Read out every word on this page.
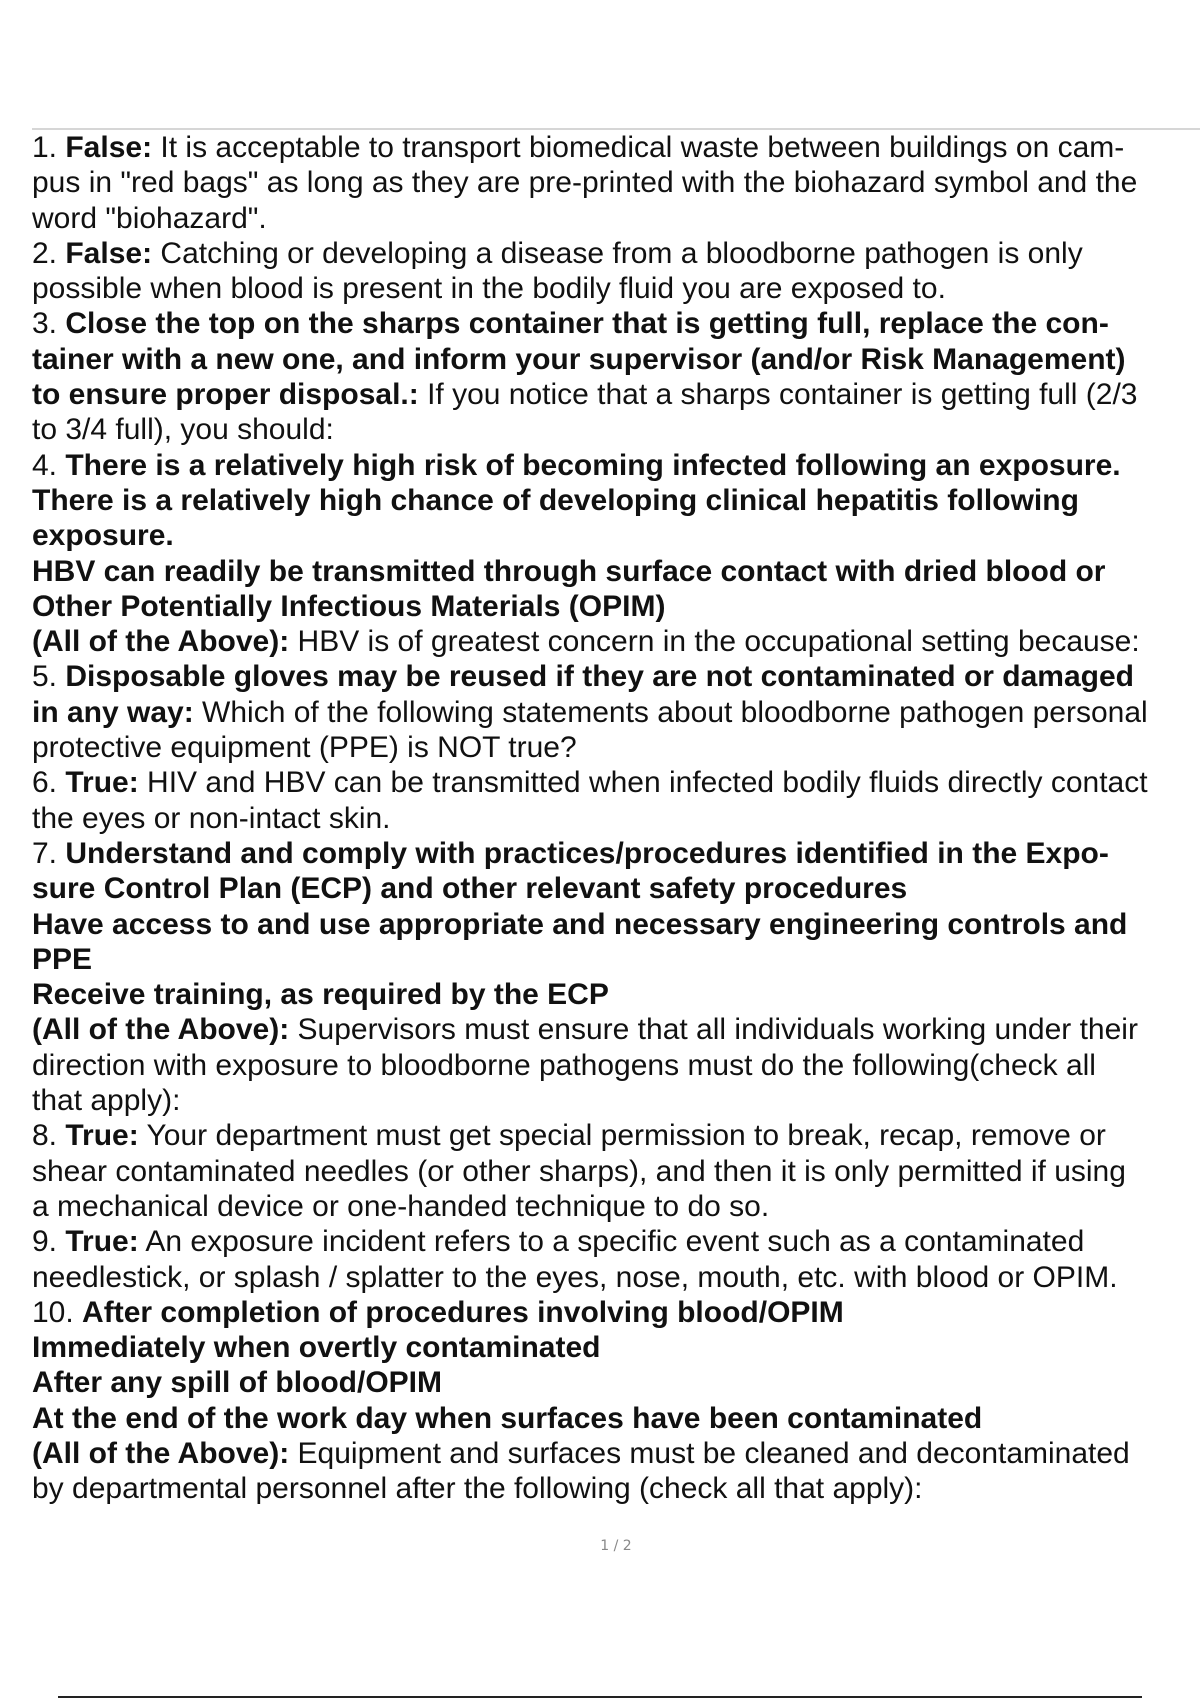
1. False: It is acceptable to transport biomedical waste between buildings on cam-

pus in "red bags" as long as they are pre-printed with the biohazard symbol and the

word "biohazard".

2. False: Catching or developing a disease from a bloodborne pathogen is only

possible when blood is present in the bodily fluid you are exposed to.

3. Close the top on the sharps container that is getting full, replace the con-

tainer with a new one, and inform your supervisor (and/or Risk Management)

to ensure proper disposal.: If you notice that a sharps container is getting full (2/3

to 3/4 full), you should:

4. There is a relatively high risk of becoming infected following an exposure.

There is a relatively high chance of developing clinical hepatitis following

exposure.

HBV can readily be transmitted through surface contact with dried blood or

Other Potentially Infectious Materials (OPIM)

(All of the Above): HBV is of greatest concern in the occupational setting because:

5. Disposable gloves may be reused if they are not contaminated or damaged

in any way: Which of the following statements about bloodborne pathogen personal

protective equipment (PPE) is NOT true?

6. True: HIV and HBV can be transmitted when infected bodily fluids directly contact

the eyes or non-intact skin.

7. Understand and comply with practices/procedures identified in the Expo-

sure Control Plan (ECP) and other relevant safety procedures

Have access to and use appropriate and necessary engineering controls and

PPE

Receive training, as required by the ECP

(All of the Above): Supervisors must ensure that all individuals working under their

direction with exposure to bloodborne pathogens must do the following(check all

that apply):

8. True: Your department must get special permission to break, recap, remove or

shear contaminated needles (or other sharps), and then it is only permitted if using

a mechanical device or one-handed technique to do so.

9. True: An exposure incident refers to a specific event such as a contaminated

needlestick, or splash / splatter to the eyes, nose, mouth, etc. with blood or OPIM.

10. After completion of procedures involving blood/OPIM

Immediately when overtly contaminated

After any spill of blood/OPIM

At the end of the work day when surfaces have been contaminated

(All of the Above): Equipment and surfaces must be cleaned and decontaminated

by departmental personnel after the following (check all that apply):

1 / 2
